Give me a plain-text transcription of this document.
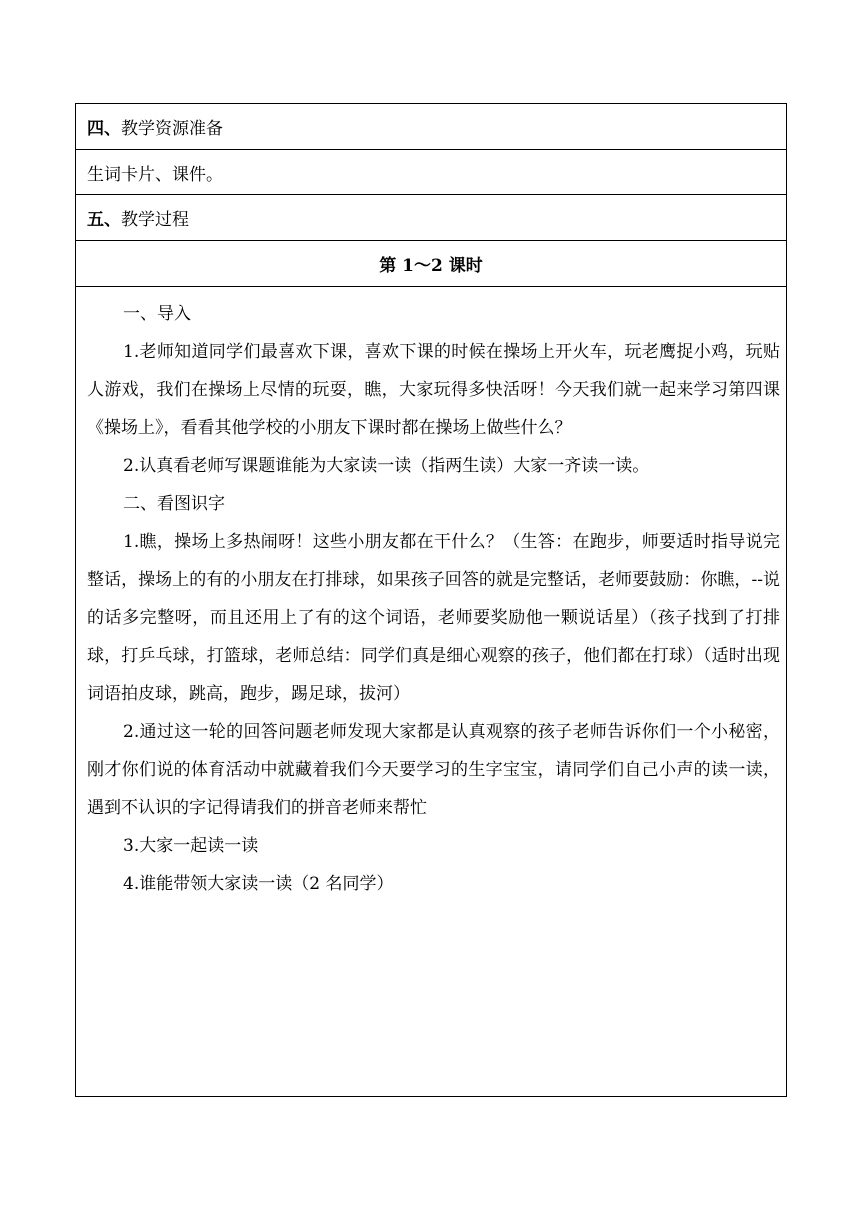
四、 教学资源准备
生词卡片、课件。
五、 教学过程
第 1～2 课时

一、导入

1.老师知道同学们最喜欢下课，喜欢下课的时候在操场上开火车，玩老鹰捉小鸡，玩贴人游戏，我们在操场上尽情的玩耍，瞧，大家玩得多快活呀！今天我们就一起来学习第四课《操场上》，看看其他学校的小朋友下课时都在操场上做些什么？

2.认真看老师写课题谁能为大家读一读（指两生读）大家一齐读一读。

二、看图识字

1.瞧，操场上多热闹呀！这些小朋友都在干什么？（生答：在跑步，师要适时指导说完整话，操场上的有的小朋友在打排球，如果孩子回答的就是完整话，老师要鼓励：你瞧，--说的话多完整呀，而且还用上了有的这个词语，老师要奖励他一颗说话星）（孩子找到了打排球，打乒乓球，打篮球，老师总结：同学们真是细心观察的孩子，他们都在打球）（适时出现词语拍皮球，跳高，跑步，踢足球，拔河）

2.通过这一轮的回答问题老师发现大家都是认真观察的孩子老师告诉你们一个小秘密，刚才你们说的体育活动中就藏着我们今天要学习的生字宝宝，请同学们自己小声的读一读，遇到不认识的字记得请我们的拼音老师来帮忙

3.大家一起读一读

4.谁能带领大家读一读（2 名同学）
